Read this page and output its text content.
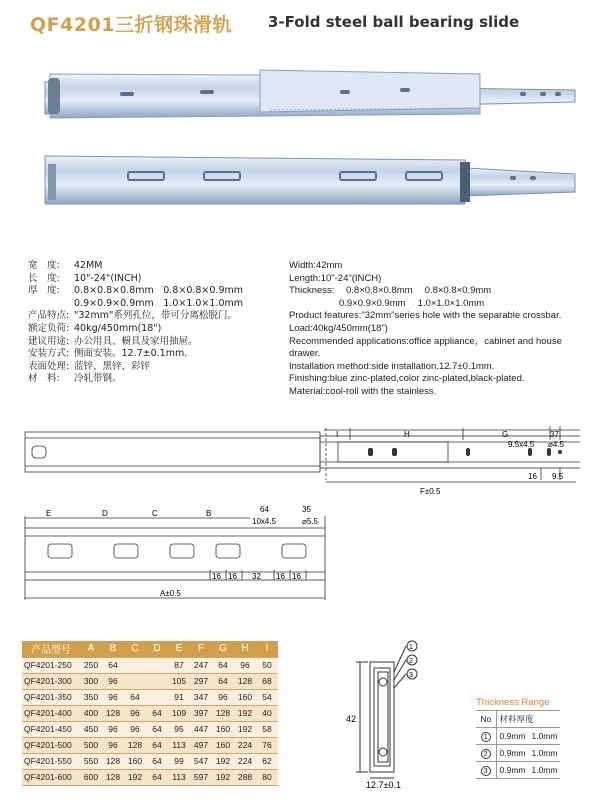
QF4201三折钢珠滑轨 3-Fold steel ball bearing slide
宽　度:	42MM
长　度:	10"-24"(INCH)
厚　度:	0.8×0.8×0.8mm　0.8×0.8×0.9mm
0.9×0.9×0.9mm　1.0×1.0×1.0mm
产品特点: "32mm"系列孔位，带可分离松脱门。
额定负荷: 40kg/450mm(18")
建议用途: 办公用具、橱具及家用抽屉。
安装方式: 侧面安装。12.7±0.1mm.
表面处理: 蓝锌、黑锌、彩锌
材　料:	冷轧带钢。
Width:42mm
Length:10"-24"(INCH)
Thickness:	0.8×0.8×0.8mm　 0.8×0.8×0.9mm
0.9×0.9×0.9mm　 1.0×1.0×1.0mm
Product features:"32mm"series hole with the separable crossbar.
Load:40kg/450mm(18")
Recommended applications:office appliance，cabinet and house drawer.
Installation method:side installation.12.7±0.1mm.
Finishing:blue zinc-plated,color zinc-plated,black-plated.
Material:cool-roll with the stainless.
I	H	G
9.5x4.5
37
⌀4.5
16 9.5
F±0.5
E	D	C	B	64	35
10x4.5	⌀5.5
16 16 32 16 16
A±0.5
产品型号	A	B	C	D	E	F	G	H	I
QF4201-250	250	64			87	247	64	96	50
QF4201-300	300	96			105	297	64	128	68
QF4201-350	350	96	64		91	347	96	160	54
QF4201-400	400	128	96	64	109	397	128	192	40
QF4201-450	450	96	96	64	95	447	160	192	58
QF4201-500	500	96	128	64	113	497	160	224	76
QF4201-550	550	128	160	64	99	547	192	224	62
QF4201-600	600	128	192	64	113	597	192	288	80
42
12.7±0.1
1
2
3
Thickness Range
No	材料厚度	
1	0.9mm	1.0mm
2	0.9mm	1.0mm
3	0.9mm	1.0mm
